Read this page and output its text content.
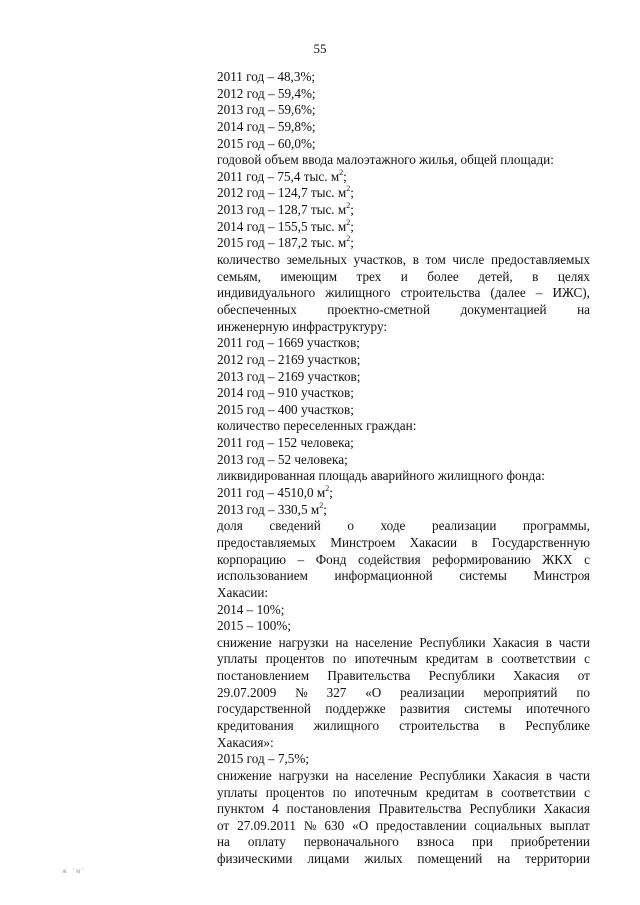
55
2011 год – 48,3%;
2012 год – 59,4%;
2013 год – 59,6%;
2014 год – 59,8%;
2015 год – 60,0%;
годовой объем ввода малоэтажного жилья, общей площади:
2011 год – 75,4 тыс. $м^2$;
2012 год – 124,7 тыс. $м^2$;
2013 год – 128,7 тыс. $м^2$;
2014 год – 155,5 тыс. $м^2$;
2015 год – 187,2 тыс. $м^2$;
количество земельных участков, в том числе предоставляемых
семьям, имеющим трех и более детей, в целях
индивидуального жилищного строительства (далее – ИЖС),
обеспеченных проектно-сметной документацией на
инженерную инфраструктуру:
2011 год – 1669 участков;
2012 год – 2169 участков;
2013 год – 2169 участков;
2014 год – 910 участков;
2015 год – 400 участков;
количество переселенных граждан:
2011 год – 152 человека;
2013 год – 52 человека;
ликвидированная площадь аварийного жилищного фонда:
2011 год – 4510,0 $м^2$;
2013 год – 330,5 $м^2$;
доля сведений о ходе реализации программы,
предоставляемых Минстроем Хакасии в Государственную
корпорацию – Фонд содействия реформированию ЖКХ с
использованием информационной системы Минстроя
Хакасии:
2014 – 10%;
2015 – 100%;
снижение нагрузки на население Республики Хакасия в части
уплаты процентов по ипотечным кредитам в соответствии с
постановлением Правительства Республики Хакасия от
29.07.2009 № 327 «О реализации мероприятий по
государственной поддержке развития системы ипотечного
кредитования жилищного строительства в Республике
Хакасия»:
2015 год – 7,5%;
снижение нагрузки на население Республики Хакасия в части
уплаты процентов по ипотечным кредитам в соответствии с
пунктом 4 постановления Правительства Республики Хакасия
от 27.09.2011 № 630 «О предоставлении социальных выплат
на оплату первоначального взноса при приобретении
физическими лицами жилых помещений на территории
ж 'м'
